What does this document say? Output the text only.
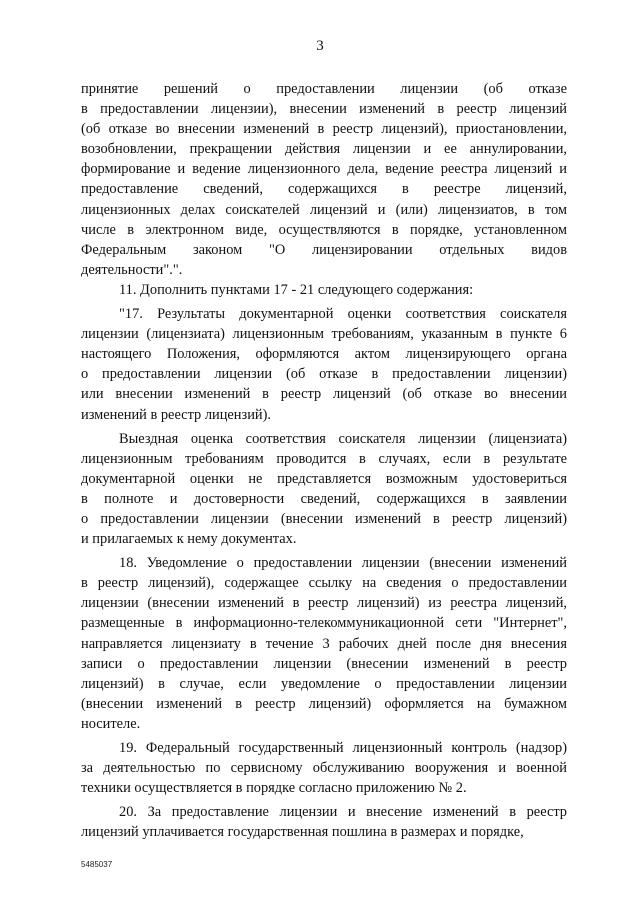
3
принятие решений о предоставлении лицензии (об отказе
в предоставлении лицензии), внесении изменений в реестр лицензий
(об отказе во внесении изменений в реестр лицензий), приостановлении,
возобновлении, прекращении действия лицензии и ее аннулировании,
формирование и ведение лицензионного дела, ведение реестра лицензий и
предоставление сведений, содержащихся в реестре лицензий,
лицензионных делах соискателей лицензий и (или) лицензиатов, в том
числе в электронном виде, осуществляются в порядке, установленном
Федеральным законом "О лицензировании отдельных видов
деятельности".".
11. Дополнить пунктами 17 - 21 следующего содержания:
"17. Результаты документарной оценки соответствия соискателя
лицензии (лицензиата) лицензионным требованиям, указанным в пункте 6
настоящего Положения, оформляются актом лицензирующего органа
о предоставлении лицензии (об отказе в предоставлении лицензии)
или внесении изменений в реестр лицензий (об отказе во внесении
изменений в реестр лицензий).
Выездная оценка соответствия соискателя лицензии (лицензиата)
лицензионным требованиям проводится в случаях, если в результате
документарной оценки не представляется возможным удостовериться
в полноте и достоверности сведений, содержащихся в заявлении
о предоставлении лицензии (внесении изменений в реестр лицензий)
и прилагаемых к нему документах.
18. Уведомление о предоставлении лицензии (внесении изменений
в реестр лицензий), содержащее ссылку на сведения о предоставлении
лицензии (внесении изменений в реестр лицензий) из реестра лицензий,
размещенные в информационно-телекоммуникационной сети "Интернет",
направляется лицензиату в течение 3 рабочих дней после дня внесения
записи о предоставлении лицензии (внесении изменений в реестр
лицензий) в случае, если уведомление о предоставлении лицензии
(внесении изменений в реестр лицензий) оформляется на бумажном
носителе.
19. Федеральный государственный лицензионный контроль (надзор)
за деятельностью по сервисному обслуживанию вооружения и военной
техники осуществляется в порядке согласно приложению № 2.
20. За предоставление лицензии и внесение изменений в реестр
лицензий уплачивается государственная пошлина в размерах и порядке,
5485037
